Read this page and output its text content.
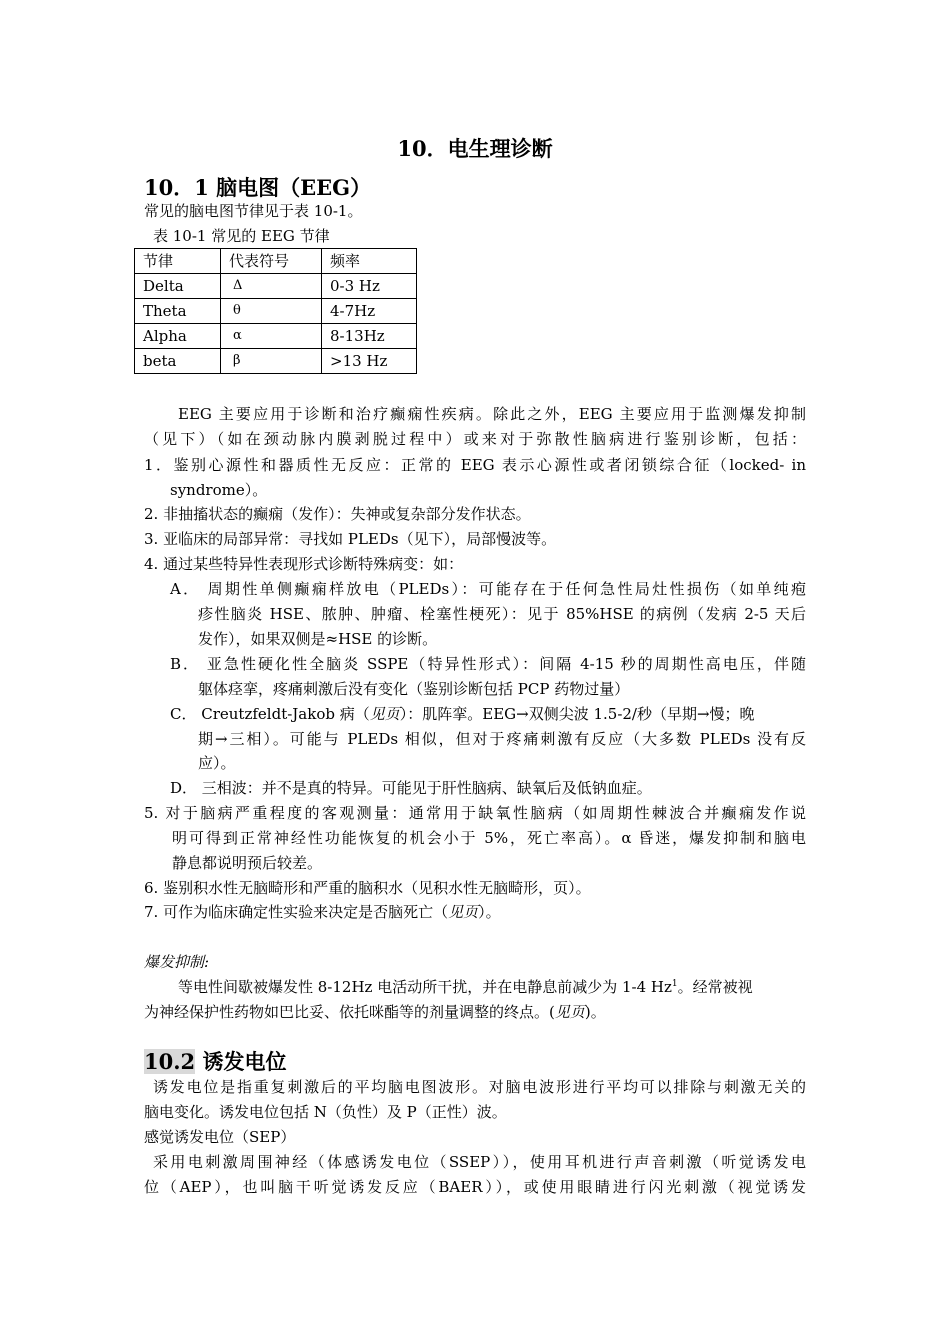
10．电生理诊断
10．1 脑电图（EEG）
常见的脑电图节律见于表 10-1。
表 10-1 常见的 EEG 节律
节律	代表符号	频率
Delta	Δ	0-3 Hz
Theta	θ	4-7Hz
Alpha	α	8-13Hz
beta	β	>13 Hz
EEG 主要应用于诊断和治疗癫痫性疾病。除此之外，EEG 主要应用于监测爆发抑制
（见下）（如在颈动脉内膜剥脱过程中）或来对于弥散性脑病进行鉴别诊断，包括：
1．鉴别心源性和器质性无反应：正常的 EEG 表示心源性或者闭锁综合征（locked- in
syndrome）。
2. 非抽搐状态的癫痫（发作）：失神或复杂部分发作状态。
3. 亚临床的局部异常：寻找如 PLEDs（见下），局部慢波等。
4. 通过某些特异性表现形式诊断特殊病变：如：
A． 周期性单侧癫痫样放电（PLEDs）：可能存在于任何急性局灶性损伤（如单纯疱
疹性脑炎 HSE、脓肿、肿瘤、栓塞性梗死）：见于 85%HSE 的病例（发病 2-5 天后
发作），如果双侧是≈HSE 的诊断。
B． 亚急性硬化性全脑炎 SSPE（特异性形式）：间隔 4-15 秒的周期性高电压，伴随
躯体痉挛，疼痛刺激后没有变化（鉴别诊断包括 PCP 药物过量）
C． Creutzfeldt-Jakob 病（见页）：肌阵挛。EEG→双侧尖波 1.5-2/秒（早期→慢；晚
期→三相）。可能与 PLEDs 相似，但对于疼痛刺激有反应（大多数 PLEDs 没有反
应）。
D． 三相波：并不是真的特异。可能见于肝性脑病、缺氧后及低钠血症。
5. 对于脑病严重程度的客观测量：通常用于缺氧性脑病（如周期性棘波合并癫痫发作说
明可得到正常神经性功能恢复的机会小于 5%，死亡率高）。α 昏迷，爆发抑制和脑电
静息都说明预后较差。
6. 鉴别积水性无脑畸形和严重的脑积水（见积水性无脑畸形，页）。
7. 可作为临床确定性实验来决定是否脑死亡（见页）。
爆发抑制:
等电性间歇被爆发性 8-12Hz 电活动所干扰，并在电静息前减少为 1-4 Hz$^1$。经常被视
为神经保护性药物如巴比妥、依托咪酯等的剂量调整的终点。(见页)。
10.2 诱发电位
诱发电位是指重复刺激后的平均脑电图波形。对脑电波形进行平均可以排除与刺激无关的
脑电变化。诱发电位包括 N（负性）及 P（正性）波。
感觉诱发电位（SEP）
采用电刺激周围神经（体感诱发电位（SSEP）），使用耳机进行声音刺激（听觉诱发电
位（AEP），也叫脑干听觉诱发反应（BAER）），或使用眼睛进行闪光刺激（视觉诱发
